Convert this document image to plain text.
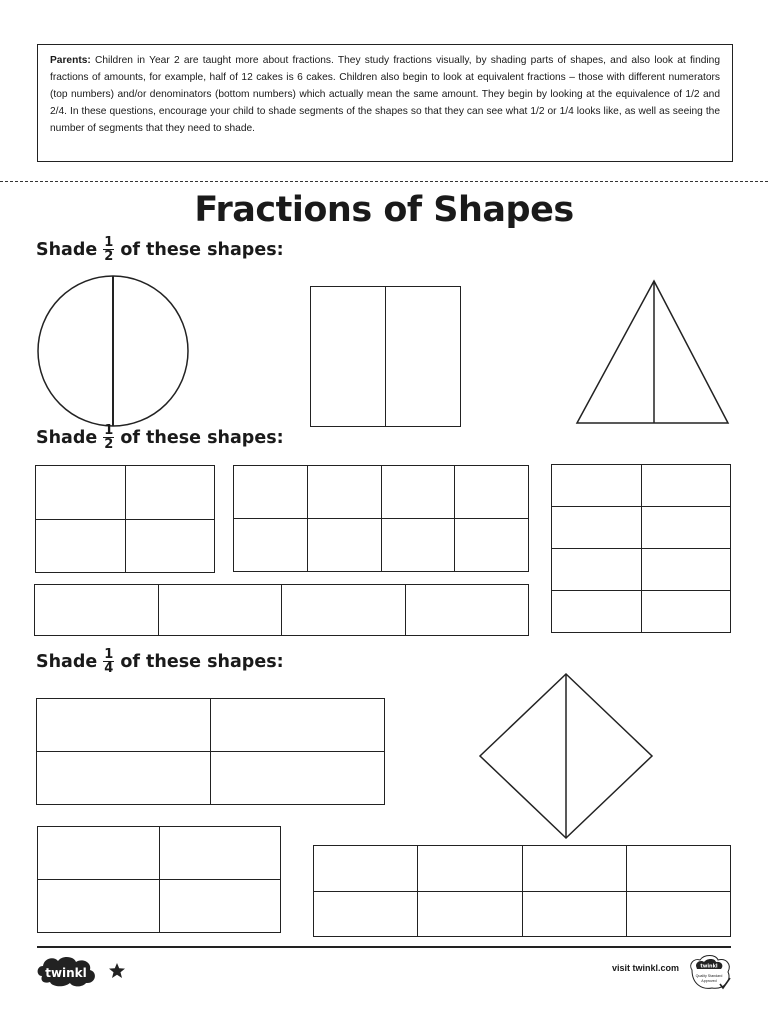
Parents: Children in Year 2 are taught more about fractions. They study fractions visually, by shading parts of shapes, and also look at finding fractions of amounts, for example, half of 12 cakes is 6 cakes. Children also begin to look at equivalent fractions – those with different numerators (top numbers) and/or denominators (bottom numbers) which actually mean the same amount. They begin by looking at the equivalence of 1/2 and 2/4. In these questions, encourage your child to shade segments of the shapes so that they can see what 1/2 or 1/4 looks like, as well as seeing the number of segments that they need to shade.
Fractions of Shapes
Shade $\frac{1}{2}$ of these shapes:
Shade $\frac{1}{2}$ of these shapes:
Shade $\frac{1}{4}$ of these shapes:
twinkl	visit twinkl.com	twinkl
Quality Standard
Approved
